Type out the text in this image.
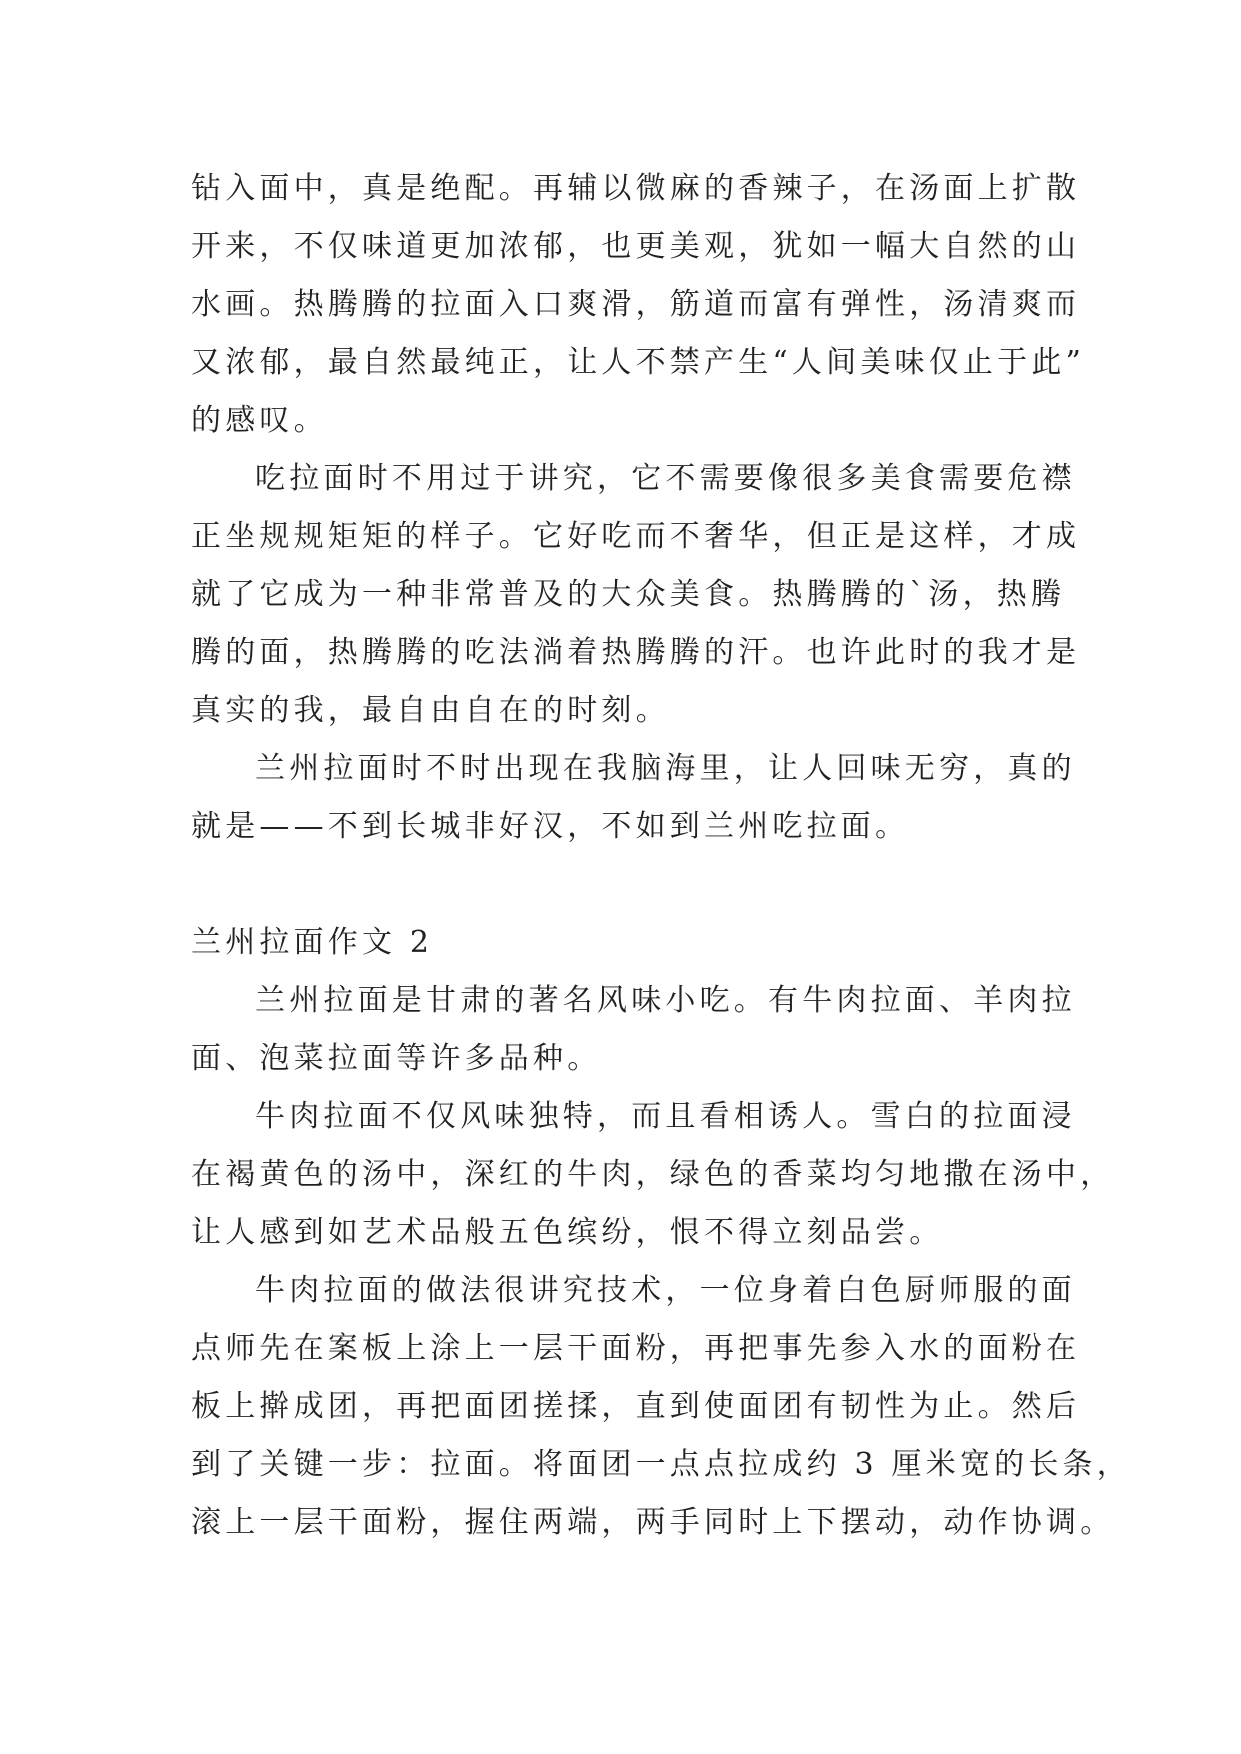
钻入面中，真是绝配。再辅以微麻的香辣子，在汤面上扩散
开来，不仅味道更加浓郁，也更美观，犹如一幅大自然的山
水画。热腾腾的拉面入口爽滑，筋道而富有弹性，汤清爽而
又浓郁，最自然最纯正，让人不禁产生“人间美味仅止于此”
的感叹。
吃拉面时不用过于讲究，它不需要像很多美食需要危襟
正坐规规矩矩的样子。它好吃而不奢华，但正是这样，才成
就了它成为一种非常普及的大众美食。热腾腾的`汤，热腾
腾的面，热腾腾的吃法淌着热腾腾的汗。也许此时的我才是
真实的我，最自由自在的时刻。
兰州拉面时不时出现在我脑海里，让人回味无穷，真的
就是——不到长城非好汉，不如到兰州吃拉面。
兰州拉面作文 2
兰州拉面是甘肃的著名风味小吃。有牛肉拉面、羊肉拉
面、泡菜拉面等许多品种。
牛肉拉面不仅风味独特，而且看相诱人。雪白的拉面浸
在褐黄色的汤中，深红的牛肉，绿色的香菜均匀地撒在汤中，
让人感到如艺术品般五色缤纷，恨不得立刻品尝。
牛肉拉面的做法很讲究技术，一位身着白色厨师服的面
点师先在案板上涂上一层干面粉，再把事先参入水的面粉在
板上擀成团，再把面团搓揉，直到使面团有韧性为止。然后
到了关键一步：拉面。将面团一点点拉成约 3 厘米宽的长条，
滚上一层干面粉，握住两端，两手同时上下摆动，动作协调。
